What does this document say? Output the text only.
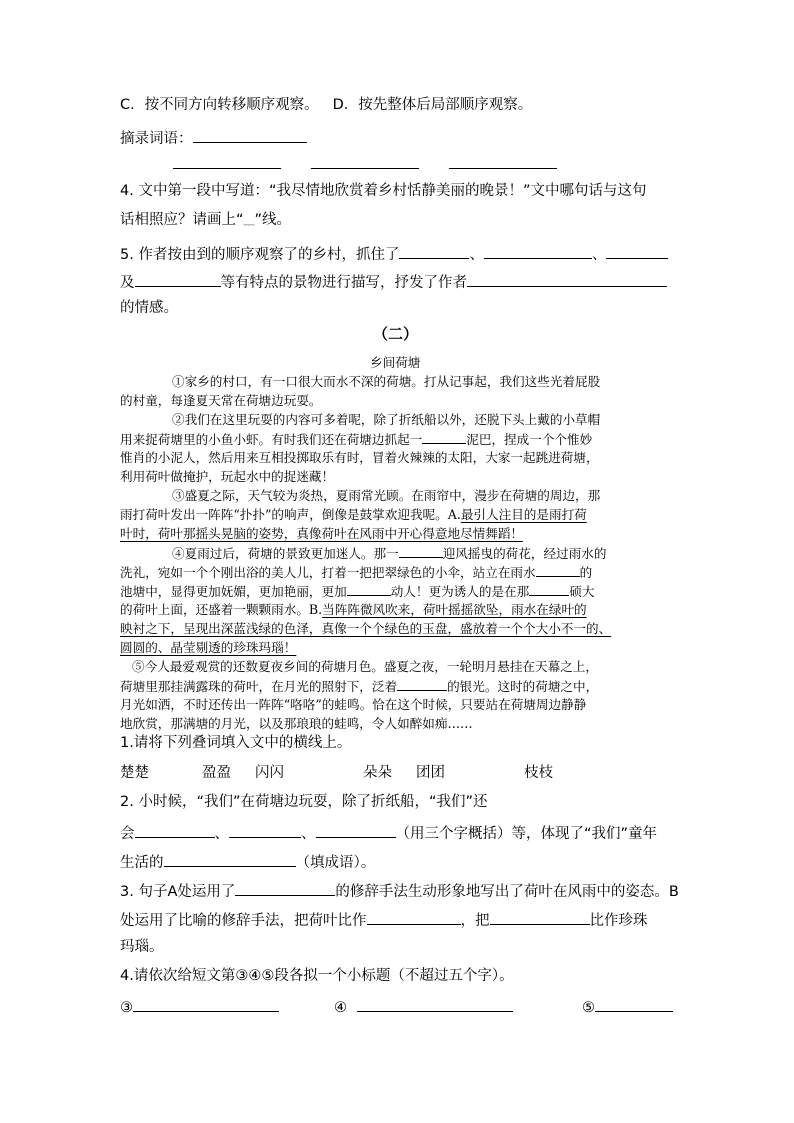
C．按不同方向转移顺序观察。 D．按先整体后局部顺序观察。
摘录词语：
4. 文中第一段中写道：“我尽情地欣赏着乡村恬静美丽的晚景！”文中哪句话与这句
话相照应？请画上“﹏”线。
5. 作者按由到的顺序观察了的乡村，抓住了	、	、
及	等有特点的景物进行描写，抒发了作者
的情感。
（二）
乡间荷塘
①家乡的村口，有一口很大而水不深的荷塘。打从记事起，我们这些光着屁股
的村童，每逢夏天常在荷塘边玩耍。
②我们在这里玩耍的内容可多着呢，除了折纸船以外，还脱下头上戴的小草帽
用来捉荷塘里的小鱼小虾。有时我们还在荷塘边抓起一	泥巴，捏成一个个惟妙
惟肖的小泥人，然后用来互相投掷取乐有时，冒着火辣辣的太阳，大家一起跳进荷塘，
利用荷叶做掩护，玩起水中的捉迷藏！
③盛夏之际，天气较为炎热，夏雨常光顾。在雨帘中，漫步在荷塘的周边，那
雨打荷叶发出一阵阵“扑扑”的响声，倒像是鼓掌欢迎我呢。A.最引人注目的是雨打荷
叶时，荷叶那摇头晃脑的姿势，真像荷叶在风雨中开心得意地尽情舞蹈！
④夏雨过后，荷塘的景致更加迷人。那一	迎风摇曳的荷花，经过雨水的
洗礼，宛如一个个刚出浴的美人儿，打着一把把翠绿色的小伞，站立在雨水	的
池塘中，显得更加妩媚，更加艳丽，更加	动人！更为诱人的是在那	硕大
的荷叶上面，还盛着一颗颗雨水。B.当阵阵微风吹来，荷叶摇摇欲坠，雨水在绿叶的
映衬之下，呈现出深蓝浅绿的色泽，真像一个个绿色的玉盘，盛放着一个个大小不一的、
圆圆的、晶莹剔透的珍珠玛瑙！
⑤今人最爱观赏的还数夏夜乡间的荷塘月色。盛夏之夜，一轮明月悬挂在天幕之上，
荷塘里那挂满露珠的荷叶，在月光的照射下，泛着	的银光。这时的荷塘之中，
月光如洒，不时还传出一阵阵“咯咯”的蛙鸣。恰在这个时候，只要站在荷塘周边静静
地欣赏，那满塘的月光，以及那琅琅的蛙鸣，令人如醉如痴……
1.请将下列叠词填入文中的横线上。
楚楚	盈盈 闪闪	朵朵 团团	枝枝
2. 小时候，“我们”在荷塘边玩耍，除了折纸船，“我们”还
会	、	、	（用三个字概括）等，体现了“我们”童年
生活的	（填成语）。
3. 句子A处运用了	的修辞手法生动形象地写出了荷叶在风雨中的姿态。B
处运用了比喻的修辞手法，把荷叶比作	，把	比作珍珠
玛瑙。
4.请依次给短文第③④⑤段各拟一个小标题（不超过五个字）。
③	④	⑤
